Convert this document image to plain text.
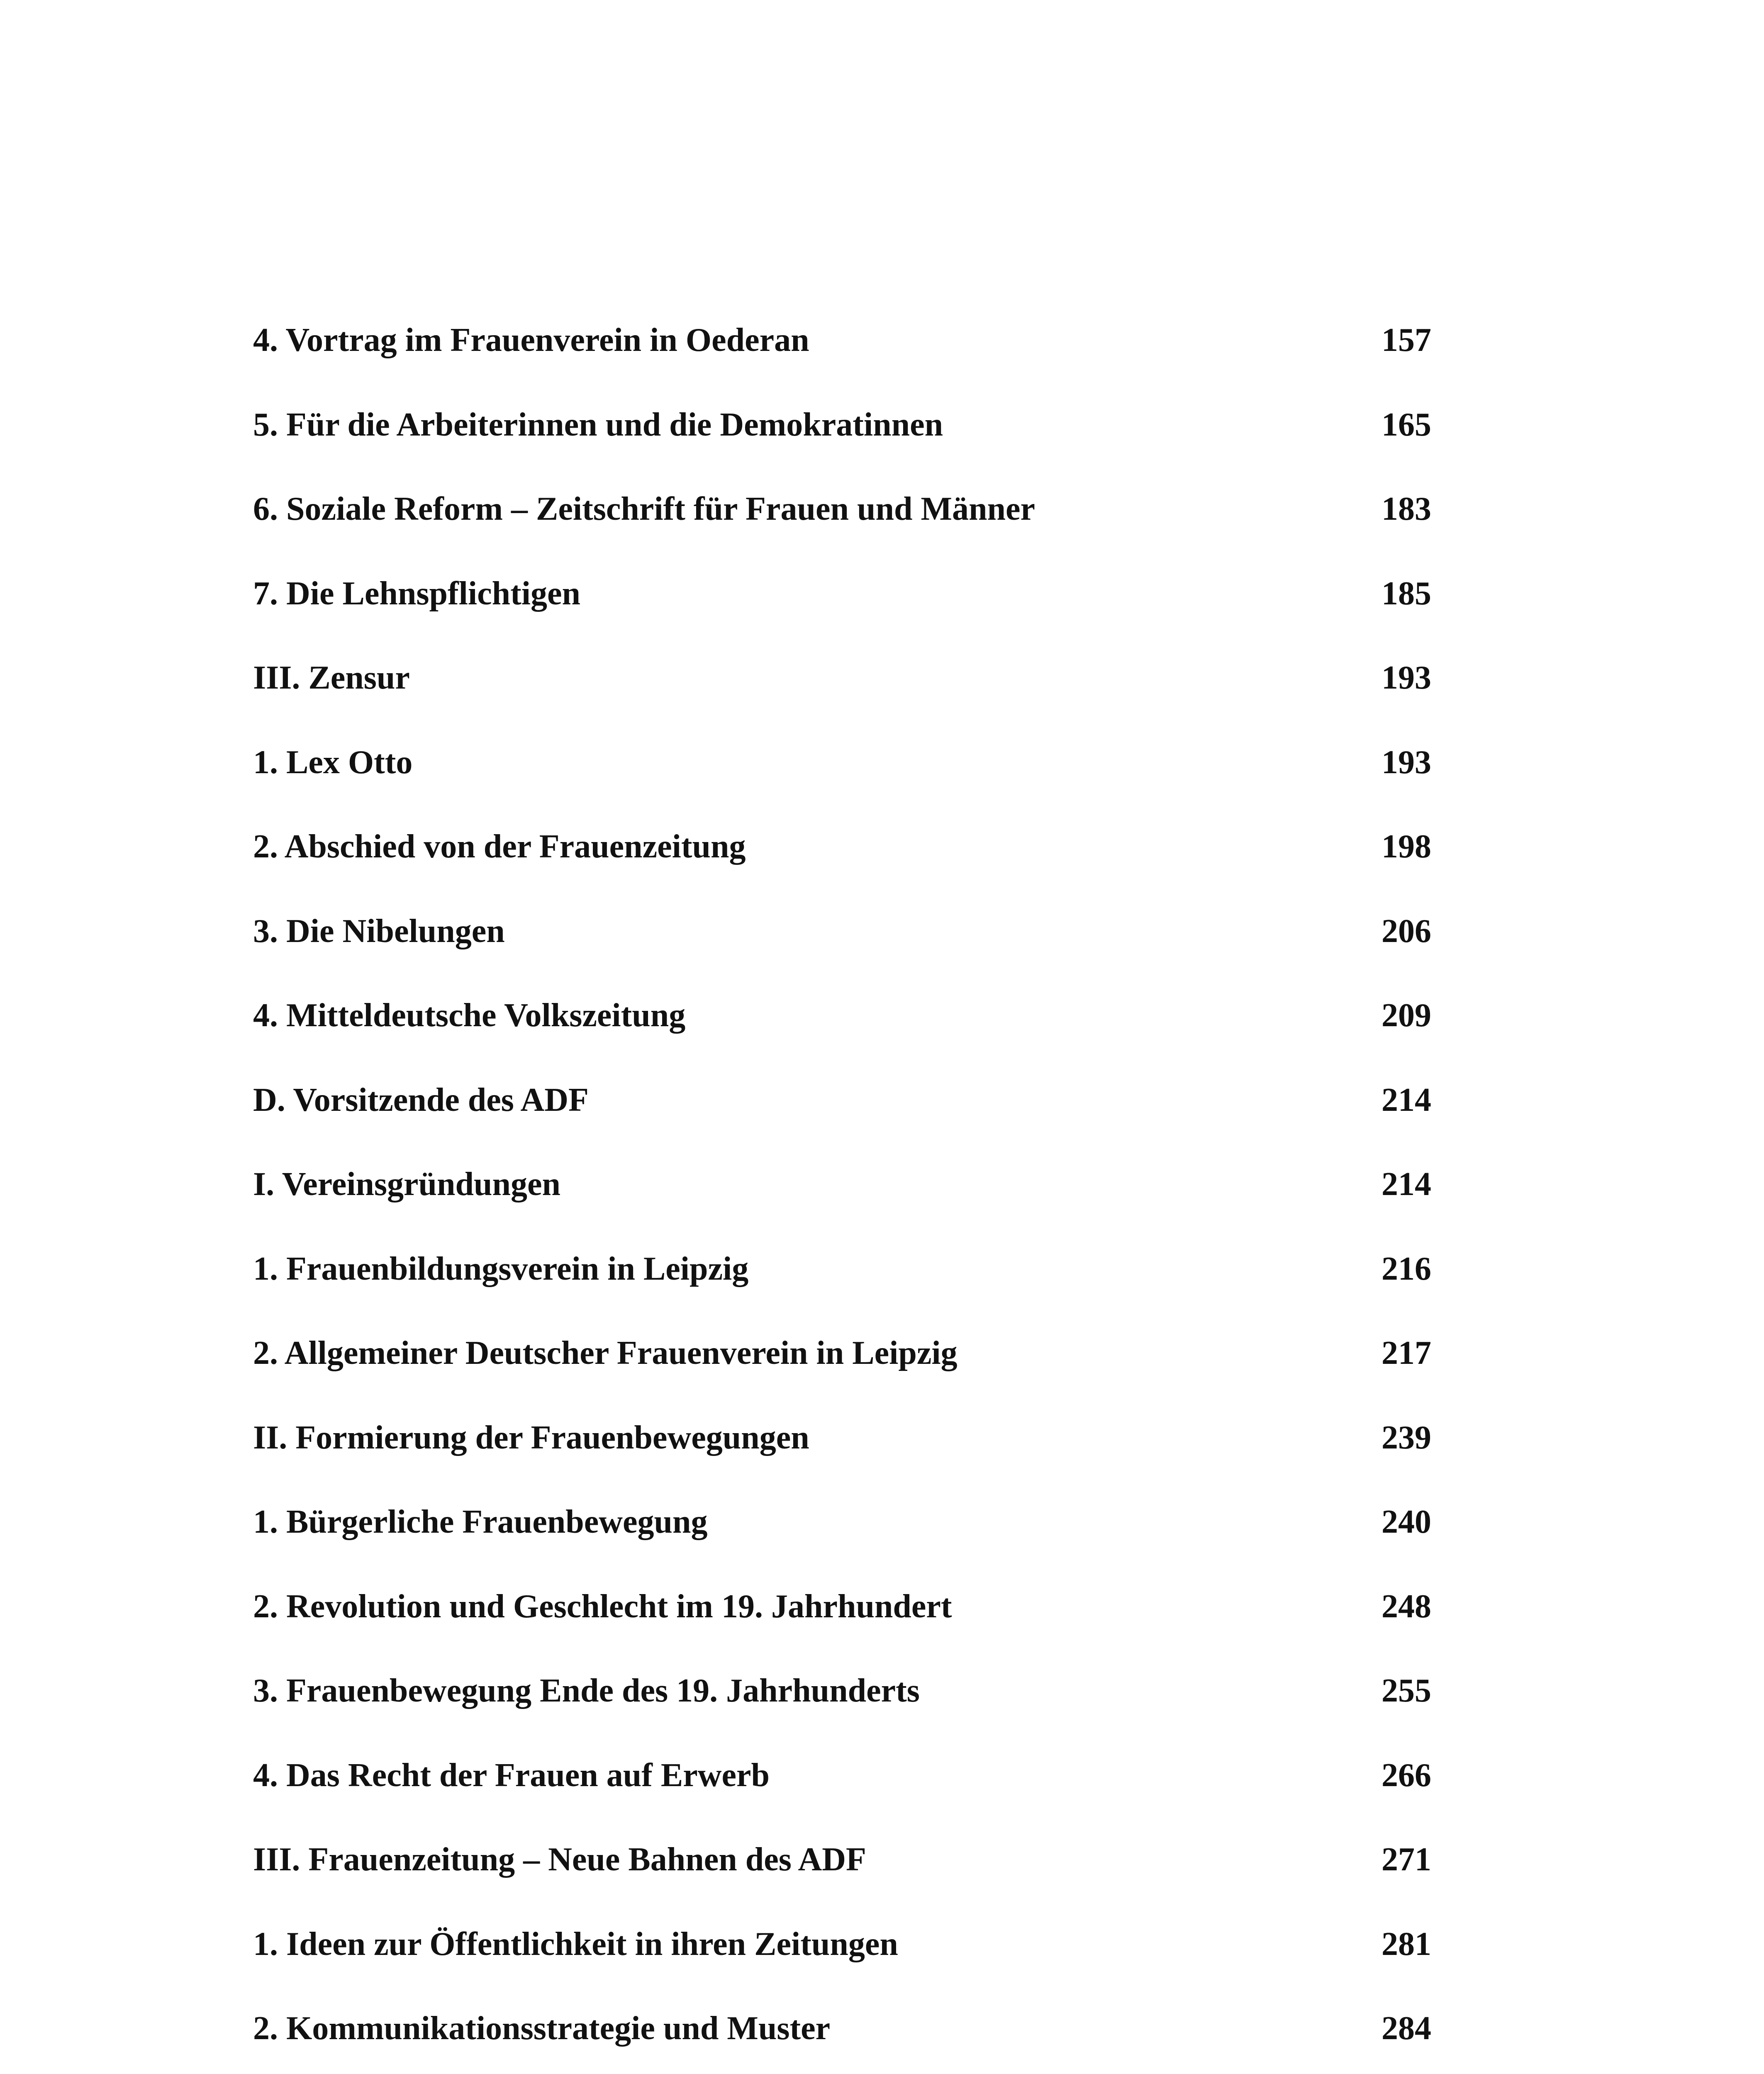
4. Vortrag im Frauenverein in Oederan	157
5. Für die Arbeiterinnen und die Demokratinnen	165
6. Soziale Reform – Zeitschrift für Frauen und Männer	183
7. Die Lehnspflichtigen	185
III. Zensur	193
1. Lex Otto	193
2. Abschied von der Frauenzeitung	198
3. Die Nibelungen	206
4. Mitteldeutsche Volkszeitung	209
D. Vorsitzende des ADF	214
I. Vereinsgründungen	214
1. Frauenbildungsverein in Leipzig	216
2. Allgemeiner Deutscher Frauenverein in Leipzig	217
II. Formierung der Frauenbewegungen	239
1. Bürgerliche Frauenbewegung	240
2. Revolution und Geschlecht im 19. Jahrhundert	248
3. Frauenbewegung Ende des 19. Jahrhunderts	255
4. Das Recht der Frauen auf Erwerb	266
III. Frauenzeitung – Neue Bahnen des ADF	271
1. Ideen zur Öffentlichkeit in ihren Zeitungen	281
2. Kommunikationsstrategie und Muster	284
